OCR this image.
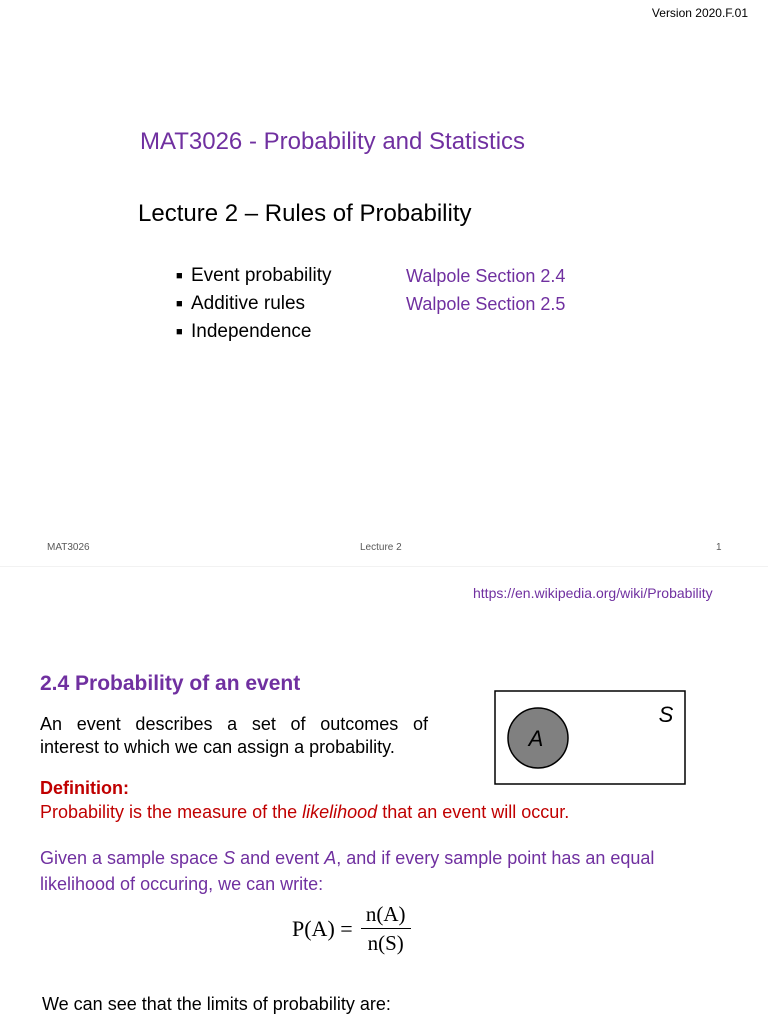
Version 2020.F.01
MAT3026 - Probability and Statistics
Lecture 2 – Rules of Probability
■ Event probability	Walpole Section 2.4
■ Additive rules	Walpole Section 2.5
■ Independence
MAT3026	Lecture 2	1
https://en.wikipedia.org/wiki/Probability
2.4 Probability of an event
An event describes a set of outcomes of
interest to which we can assign a probability.
S
A
Definition:
Probability is the measure of the likelihood that an event will occur.
Given a sample space S and event A, and if every sample point has an equal
likelihood of occuring, we can write:
$P(A) = \frac{n(A)}{n(S)}$
We can see that the limits of probability are:
